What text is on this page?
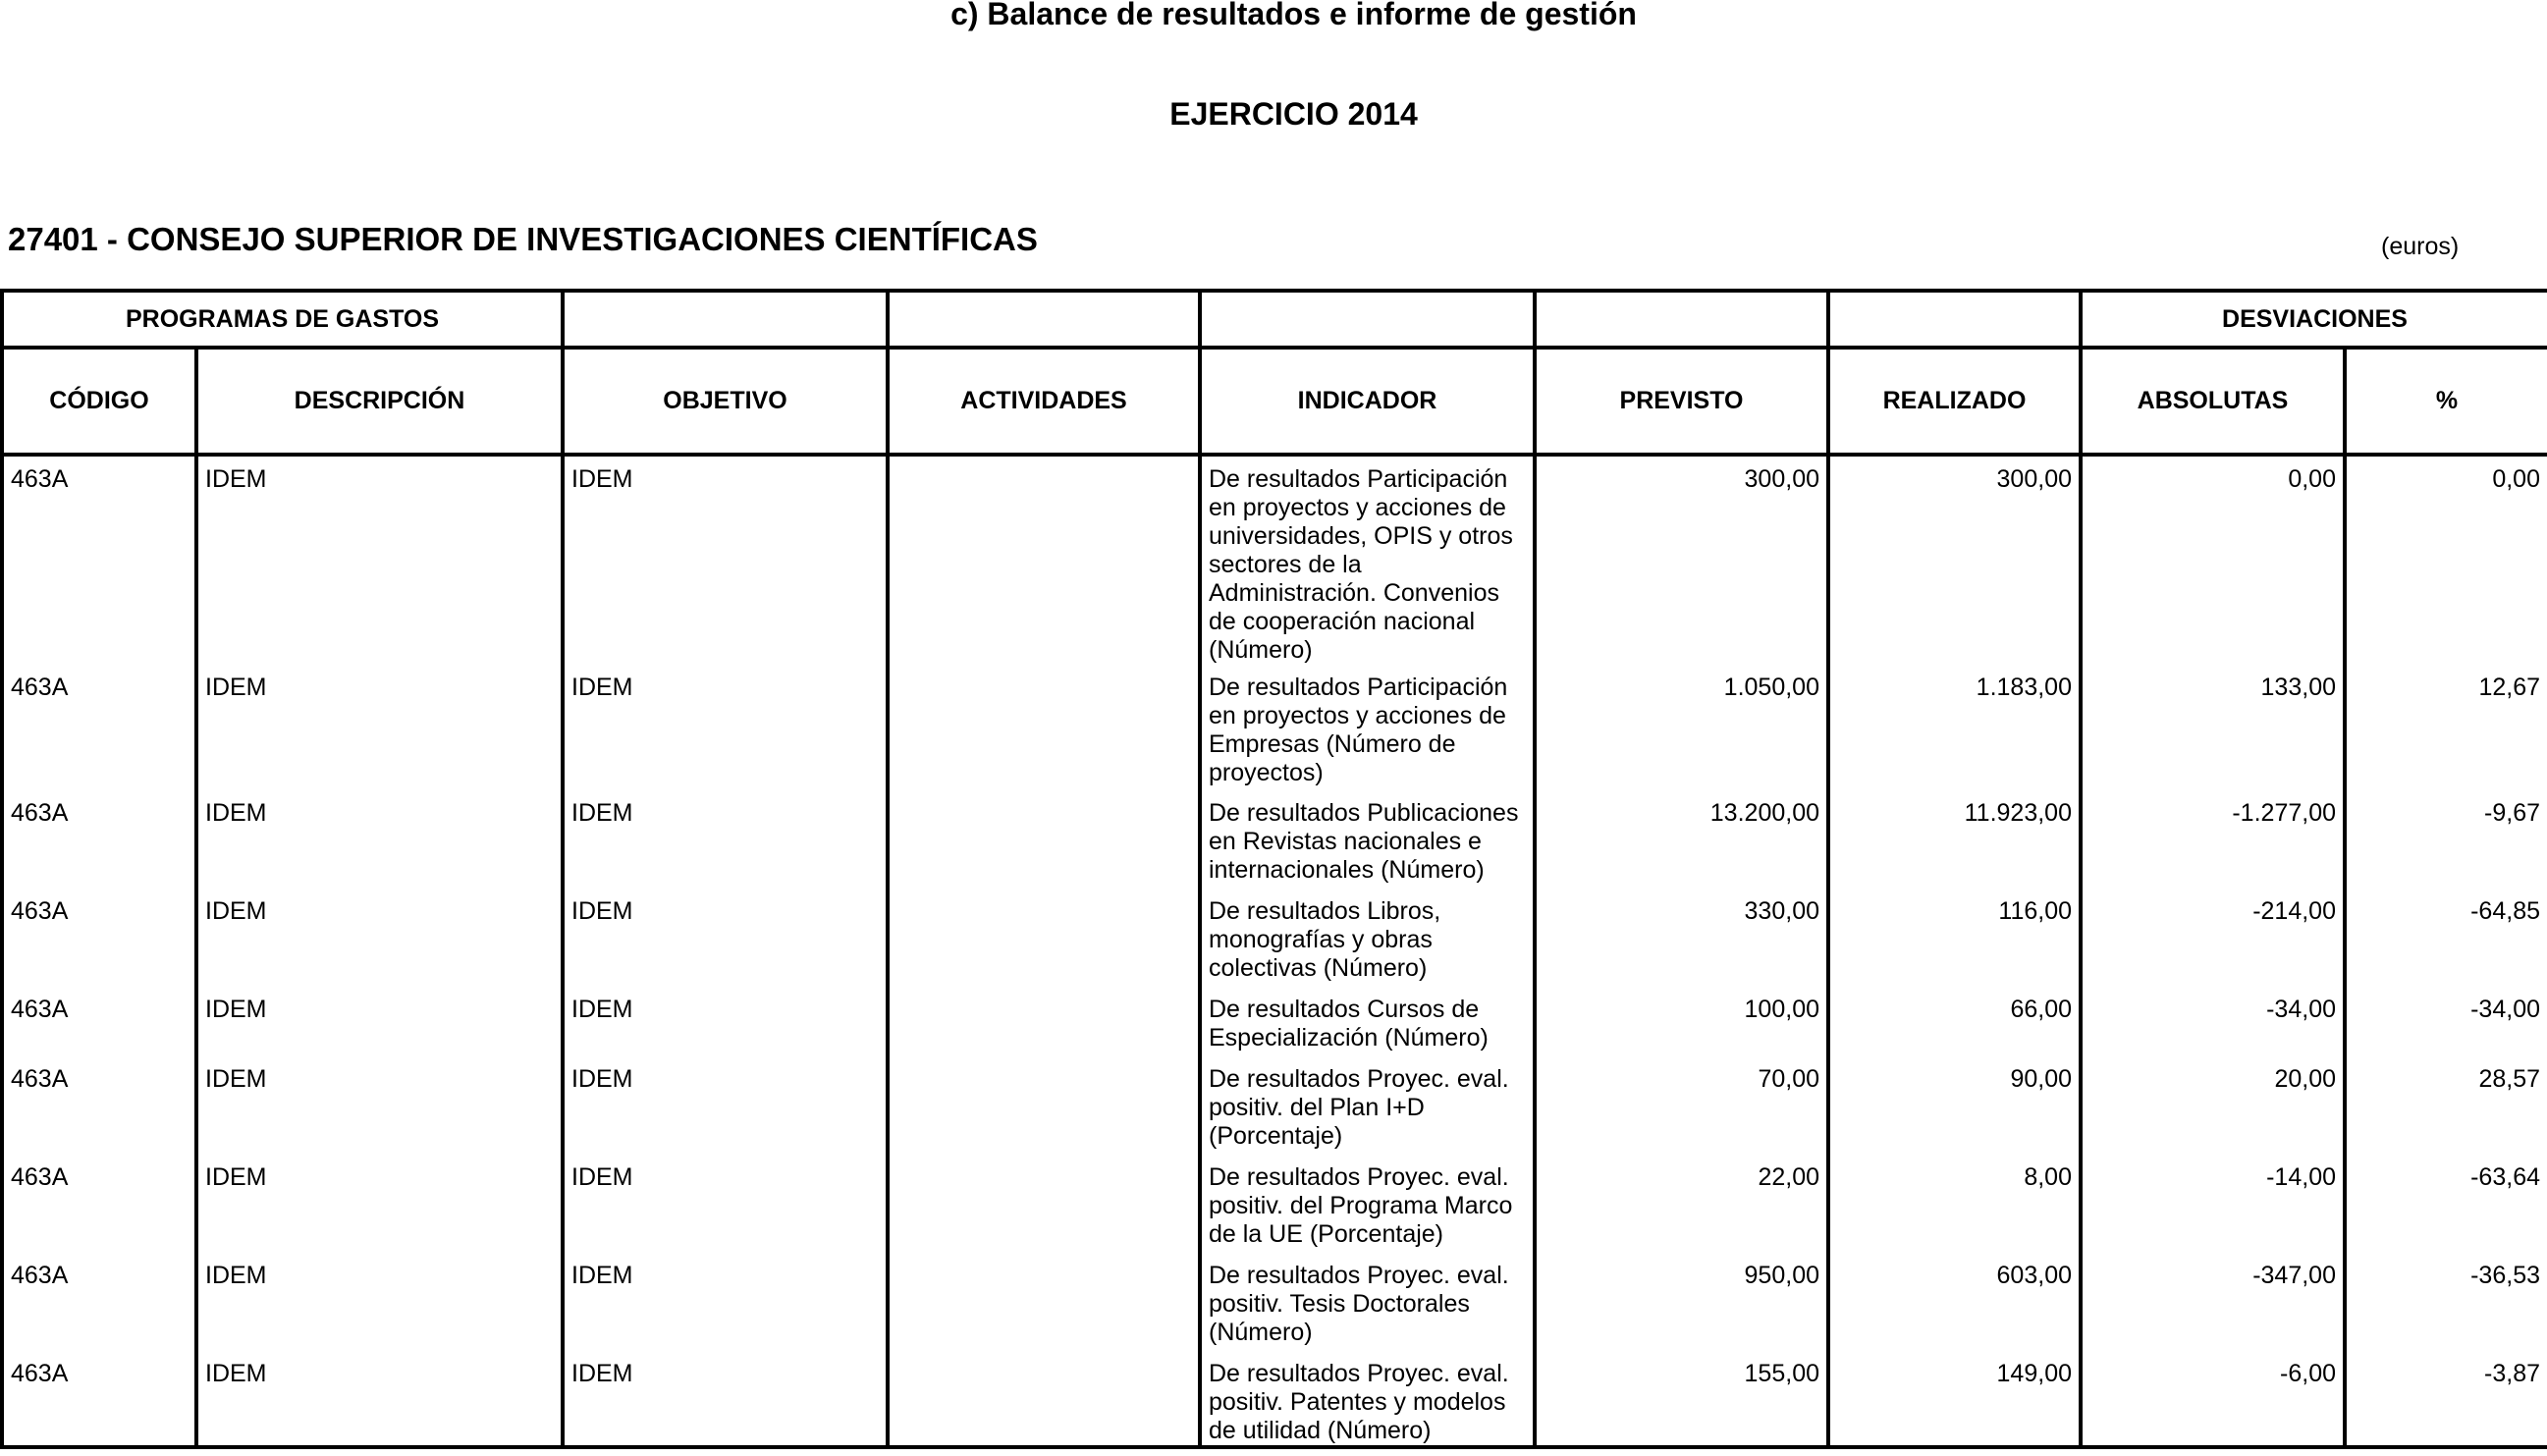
c) Balance de resultados e informe de gestión
EJERCICIO 2014
27401 - CONSEJO SUPERIOR DE INVESTIGACIONES CIENTÍFICAS	(euros)
PROGRAMAS DE GASTOS							DESVIACIONES	
CÓDIGO	DESCRIPCIÓN	OBJETIVO	ACTIVIDADES	INDICADOR	PREVISTO	REALIZADO	ABSOLUTAS	%
463A	IDEM	IDEM		De resultados Participación en proyectos y acciones de universidades, OPIS y otros sectores de la Administración. Convenios de cooperación nacional (Número)	300,00	300,00	0,00	0,00
463A	IDEM	IDEM		De resultados Participación en proyectos y acciones de Empresas (Número de proyectos)	1.050,00	1.183,00	133,00	12,67
463A	IDEM	IDEM		De resultados Publicaciones en Revistas nacionales e internacionales (Número)	13.200,00	11.923,00	-1.277,00	-9,67
463A	IDEM	IDEM		De resultados Libros, monografías y obras colectivas (Número)	330,00	116,00	-214,00	-64,85
463A	IDEM	IDEM		De resultados Cursos de Especialización (Número)	100,00	66,00	-34,00	-34,00
463A	IDEM	IDEM		De resultados Proyec. eval. positiv. del Plan I+D (Porcentaje)	70,00	90,00	20,00	28,57
463A	IDEM	IDEM		De resultados Proyec. eval. positiv. del Programa Marco de la UE (Porcentaje)	22,00	8,00	-14,00	-63,64
463A	IDEM	IDEM		De resultados Proyec. eval. positiv. Tesis Doctorales (Número)	950,00	603,00	-347,00	-36,53
463A	IDEM	IDEM		De resultados Proyec. eval. positiv. Patentes y modelos de utilidad (Número)	155,00	149,00	-6,00	-3,87
